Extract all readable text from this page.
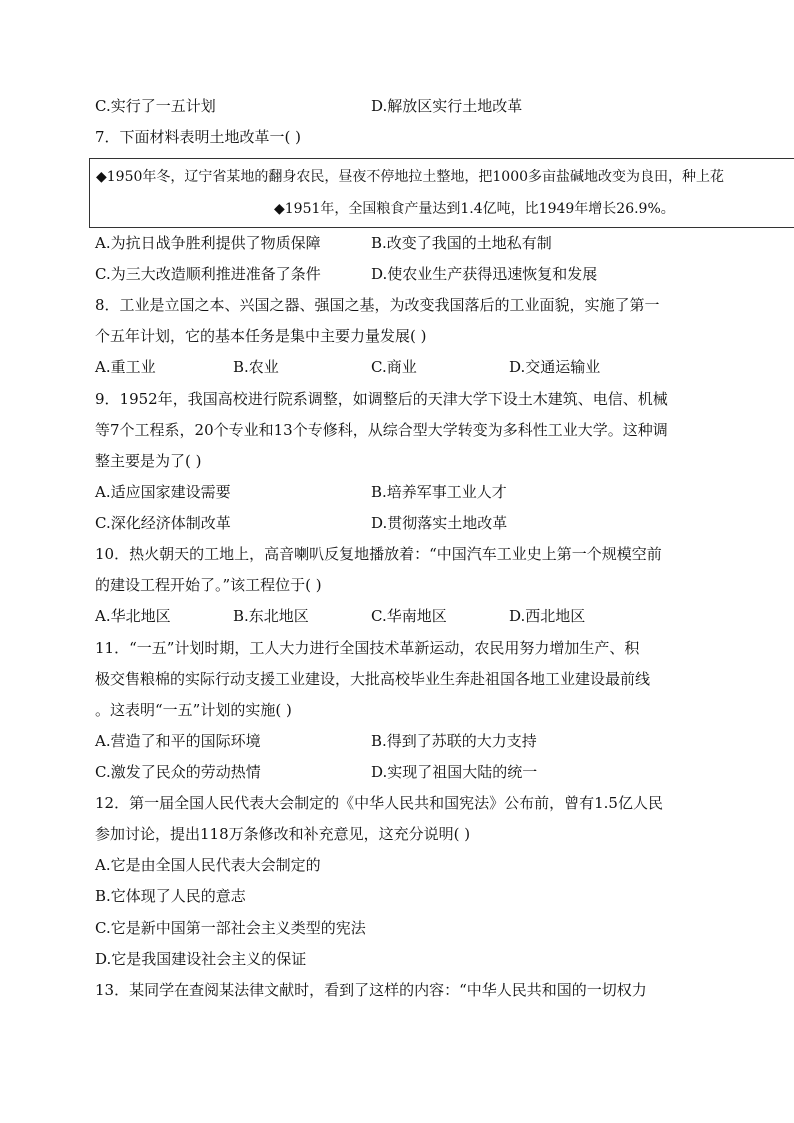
C.实行了一五计划	D.解放区实行土地改革
7．下面材料表明土地改革一( )
◆1950年冬，辽宁省某地的翻身农民，昼夜不停地拉土整地，把1000多亩盐碱地改变为良田，种上花
◆1951年，全国粮食产量达到1.4亿吨，比1949年增长26.9%。
A.为抗日战争胜利提供了物质保障	B.改变了我国的土地私有制
C.为三大改造顺利推进准备了条件	D.使农业生产获得迅速恢复和发展
8．工业是立国之本、兴国之器、强国之基，为改变我国落后的工业面貌，实施了第一
个五年计划，它的基本任务是集中主要力量发展( )
A.重工业	B.农业	C.商业	D.交通运输业
9．1952年，我国高校进行院系调整，如调整后的天津大学下设土木建筑、电信、机械
等7个工程系，20个专业和13个专修科，从综合型大学转变为多科性工业大学。这种调
整主要是为了( )
A.适应国家建设需要	B.培养军事工业人才
C.深化经济体制改革	D.贯彻落实土地改革
10．热火朝天的工地上，高音喇叭反复地播放着：“中国汽车工业史上第一个规模空前
的建设工程开始了。”该工程位于( )
A.华北地区	B.东北地区	C.华南地区	D.西北地区
11．“一五”计划时期，工人大力进行全国技术革新运动，农民用努力增加生产、积
极交售粮棉的实际行动支援工业建设，大批高校毕业生奔赴祖国各地工业建设最前线
。这表明“一五”计划的实施( )
A.营造了和平的国际环境	B.得到了苏联的大力支持
C.激发了民众的劳动热情	D.实现了祖国大陆的统一
12．第一届全国人民代表大会制定的《中华人民共和国宪法》公布前，曾有1.5亿人民
参加讨论，提出118万条修改和补充意见，这充分说明( )
A.它是由全国人民代表大会制定的
B.它体现了人民的意志
C.它是新中国第一部社会主义类型的宪法
D.它是我国建设社会主义的保证
13．某同学在查阅某法律文献时，看到了这样的内容：“中华人民共和国的一切权力
